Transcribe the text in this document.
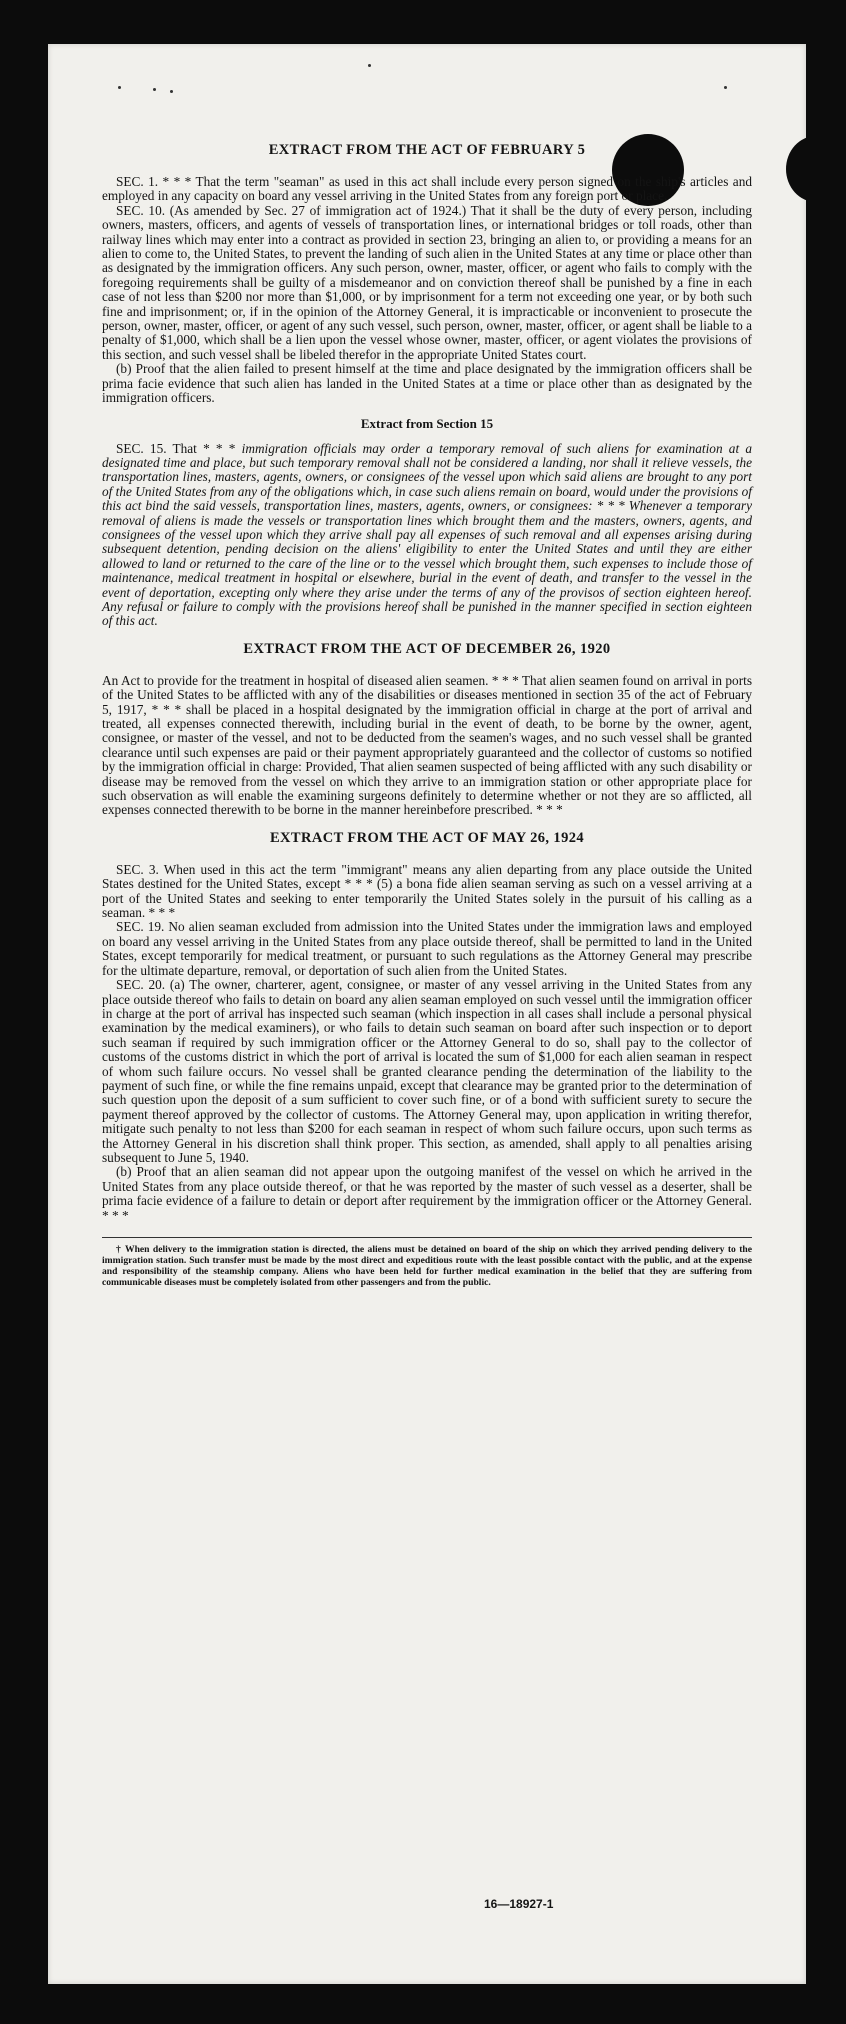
EXTRACT FROM THE ACT OF FEBRUARY 5

SEC. 1. * * * That the term "seaman" as used in this act shall include every person signed on the ship's articles and employed in any capacity on board any vessel arriving in the United States from any foreign port or place.

SEC. 10. (As amended by Sec. 27 of immigration act of 1924.) That it shall be the duty of every person, including owners, masters, officers, and agents of vessels of transportation lines, or international bridges or toll roads, other than railway lines which may enter into a contract as provided in section 23, bringing an alien to, or providing a means for an alien to come to, the United States, to prevent the landing of such alien in the United States at any time or place other than as designated by the immigration officers. Any such person, owner, master, officer, or agent who fails to comply with the foregoing requirements shall be guilty of a misdemeanor and on conviction thereof shall be punished by a fine in each case of not less than $200 nor more than $1,000, or by imprisonment for a term not exceeding one year, or by both such fine and imprisonment; or, if in the opinion of the Attorney General, it is impracticable or inconvenient to prosecute the person, owner, master, officer, or agent of any such vessel, such person, owner, master, officer, or agent shall be liable to a penalty of $1,000, which shall be a lien upon the vessel whose owner, master, officer, or agent violates the provisions of this section, and such vessel shall be libeled therefor in the appropriate United States court.

(b) Proof that the alien failed to present himself at the time and place designated by the immigration officers shall be prima facie evidence that such alien has landed in the United States at a time or place other than as designated by the immigration officers.

Extract from Section 15

SEC. 15. That * * * immigration officials may order a temporary removal of such aliens for examination at a designated time and place, but such temporary removal shall not be considered a landing, nor shall it relieve vessels, the transportation lines, masters, agents, owners, or consignees of the vessel upon which said aliens are brought to any port of the United States from any of the obligations which, in case such aliens remain on board, would under the provisions of this act bind the said vessels, transportation lines, masters, agents, owners, or consignees: * * * Whenever a temporary removal of aliens is made the vessels or transportation lines which brought them and the masters, owners, agents, and consignees of the vessel upon which they arrive shall pay all expenses of such removal and all expenses arising during subsequent detention, pending decision on the aliens' eligibility to enter the United States and until they are either allowed to land or returned to the care of the line or to the vessel which brought them, such expenses to include those of maintenance, medical treatment in hospital or elsewhere, burial in the event of death, and transfer to the vessel in the event of deportation, excepting only where they arise under the terms of any of the provisos of section eighteen hereof. Any refusal or failure to comply with the provisions hereof shall be punished in the manner specified in section eighteen of this act.

EXTRACT FROM THE ACT OF DECEMBER 26, 1920

An Act to provide for the treatment in hospital of diseased alien seamen. * * * That alien seamen found on arrival in ports of the United States to be afflicted with any of the disabilities or diseases mentioned in section 35 of the act of February 5, 1917, * * * shall be placed in a hospital designated by the immigration official in charge at the port of arrival and treated, all expenses connected therewith, including burial in the event of death, to be borne by the owner, agent, consignee, or master of the vessel, and not to be deducted from the seamen's wages, and no such vessel shall be granted clearance until such expenses are paid or their payment appropriately guaranteed and the collector of customs so notified by the immigration official in charge: Provided, That alien seamen suspected of being afflicted with any such disability or disease may be removed from the vessel on which they arrive to an immigration station or other appropriate place for such observation as will enable the examining surgeons definitely to determine whether or not they are so afflicted, all expenses connected therewith to be borne in the manner hereinbefore prescribed. * * *

EXTRACT FROM THE ACT OF MAY 26, 1924

SEC. 3. When used in this act the term "immigrant" means any alien departing from any place outside the United States destined for the United States, except * * * (5) a bona fide alien seaman serving as such on a vessel arriving at a port of the United States and seeking to enter temporarily the United States solely in the pursuit of his calling as a seaman. * * *

SEC. 19. No alien seaman excluded from admission into the United States under the immigration laws and employed on board any vessel arriving in the United States from any place outside thereof, shall be permitted to land in the United States, except temporarily for medical treatment, or pursuant to such regulations as the Attorney General may prescribe for the ultimate departure, removal, or deportation of such alien from the United States.

SEC. 20. (a) The owner, charterer, agent, consignee, or master of any vessel arriving in the United States from any place outside thereof who fails to detain on board any alien seaman employed on such vessel until the immigration officer in charge at the port of arrival has inspected such seaman (which inspection in all cases shall include a personal physical examination by the medical examiners), or who fails to detain such seaman on board after such inspection or to deport such seaman if required by such immigration officer or the Attorney General to do so, shall pay to the collector of customs of the customs district in which the port of arrival is located the sum of $1,000 for each alien seaman in respect of whom such failure occurs. No vessel shall be granted clearance pending the determination of the liability to the payment of such fine, or while the fine remains unpaid, except that clearance may be granted prior to the determination of such question upon the deposit of a sum sufficient to cover such fine, or of a bond with sufficient surety to secure the payment thereof approved by the collector of customs. The Attorney General may, upon application in writing therefor, mitigate such penalty to not less than $200 for each seaman in respect of whom such failure occurs, upon such terms as the Attorney General in his discretion shall think proper. This section, as amended, shall apply to all penalties arising subsequent to June 5, 1940.

(b) Proof that an alien seaman did not appear upon the outgoing manifest of the vessel on which he arrived in the United States from any place outside thereof, or that he was reported by the master of such vessel as a deserter, shall be prima facie evidence of a failure to detain or deport after requirement by the immigration officer or the Attorney General. * * *

† When delivery to the immigration station is directed, the aliens must be detained on board of the ship on which they arrived pending delivery to the immigration station. Such transfer must be made by the most direct and expeditious route with the least possible contact with the public, and at the expense and responsibility of the steamship company. Aliens who have been held for further medical examination in the belief that they are suffering from communicable diseases must be completely isolated from other passengers and from the public.

16—18927-1
